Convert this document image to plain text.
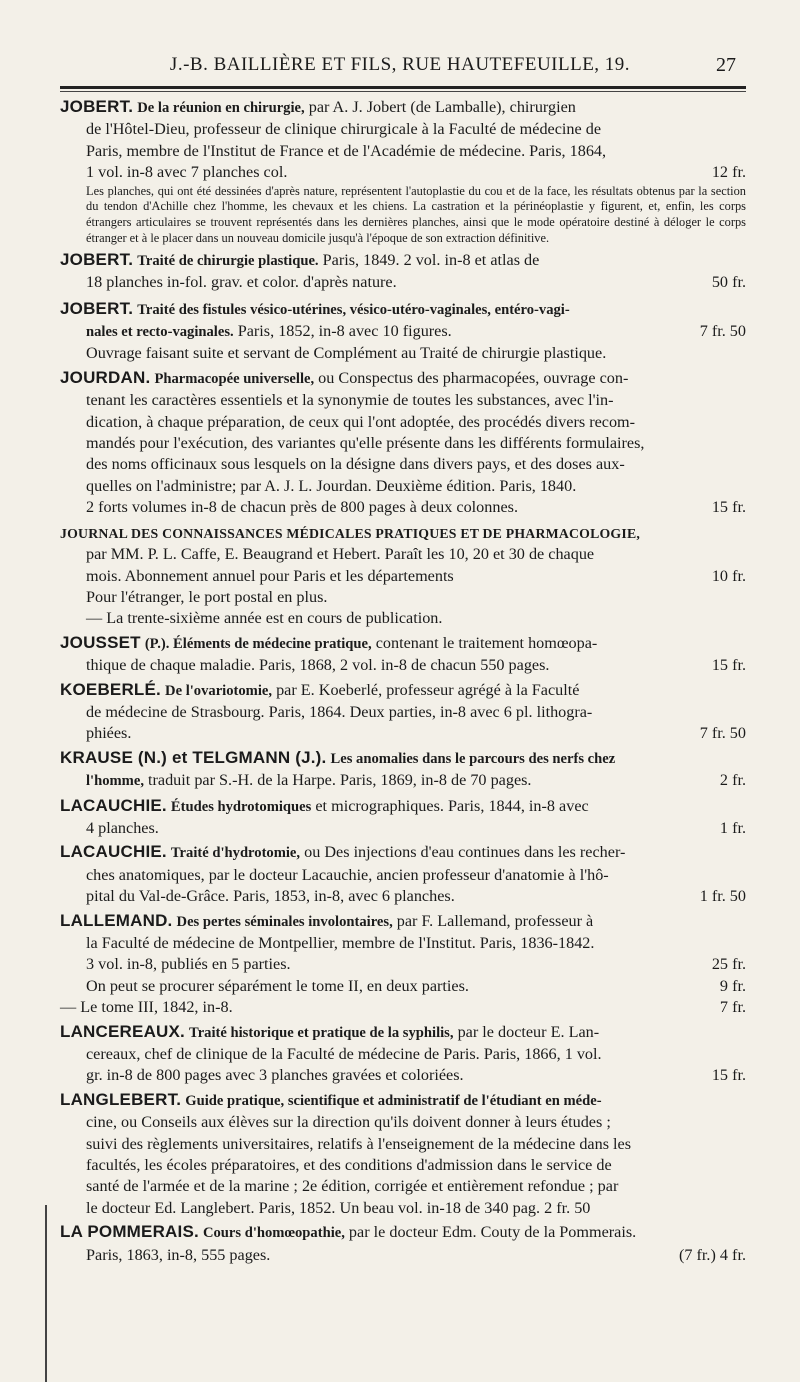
J.-B. BAILLIÈRE ET FILS, RUE HAUTEFEUILLE, 19.	27
JOBERT. De la réunion en chirurgie, par A. J. Jobert (de Lamballe), chirurgien
de l'Hôtel-Dieu, professeur de clinique chirurgicale à la Faculté de médecine de
Paris, membre de l'Institut de France et de l'Académie de médecine. Paris, 1864,
1 vol. in-8 avec 7 planches col.	12 fr.
Les planches, qui ont été dessinées d'après nature, représentent l'autoplastie du cou et de la face, les résultats obtenus par la section du tendon d'Achille chez l'homme, les chevaux et les chiens. La castration et la périnéoplastie y figurent, et, enfin, les corps étrangers articulaires se trouvent représentés dans les dernières planches, ainsi que le mode opératoire destiné à déloger le corps étranger et à le placer dans un nouveau domicile jusqu'à l'époque de son extraction définitive.
JOBERT. Traité de chirurgie plastique. Paris, 1849. 2 vol. in-8 et atlas de
18 planches in-fol. grav. et color. d'après nature.	50 fr.
JOBERT. Traité des fistules vésico-utérines, vésico-utéro-vaginales, entéro-vagi-
nales et recto-vaginales. Paris, 1852, in-8 avec 10 figures.	7 fr. 50
Ouvrage faisant suite et servant de Complément au Traité de chirurgie plastique.
JOURDAN. Pharmacopée universelle, ou Conspectus des pharmacopées, ouvrage con-
tenant les caractères essentiels et la synonymie de toutes les substances, avec l'in-
dication, à chaque préparation, de ceux qui l'ont adoptée, des procédés divers recom-
mandés pour l'exécution, des variantes qu'elle présente dans les différents formulaires,
des noms officinaux sous lesquels on la désigne dans divers pays, et des doses aux-
quelles on l'administre; par A. J. L. Jourdan. Deuxième édition. Paris, 1840.
2 forts volumes in-8 de chacun près de 800 pages à deux colonnes.	15 fr.
JOURNAL DES CONNAISSANCES MÉDICALES PRATIQUES ET DE PHARMACOLOGIE,
par MM. P. L. Caffe, E. Beaugrand et Hebert. Paraît les 10, 20 et 30 de chaque
mois. Abonnement annuel pour Paris et les départements	10 fr.
Pour l'étranger, le port postal en plus.
— La trente-sixième année est en cours de publication.
JOUSSET (P.). Éléments de médecine pratique, contenant le traitement homœopa-
thique de chaque maladie. Paris, 1868, 2 vol. in-8 de chacun 550 pages.	15 fr.
KOEBERLÉ. De l'ovariotomie, par E. Koeberlé, professeur agrégé à la Faculté
de médecine de Strasbourg. Paris, 1864. Deux parties, in-8 avec 6 pl. lithogra-
phiées.	7 fr. 50
KRAUSE (N.) et TELGMANN (J.). Les anomalies dans le parcours des nerfs chez
l'homme, traduit par S.-H. de la Harpe. Paris, 1869, in-8 de 70 pages.	2 fr.
LACAUCHIE. Études hydrotomiques et micrographiques. Paris, 1844, in-8 avec
4 planches.	1 fr.
LACAUCHIE. Traité d'hydrotomie, ou Des injections d'eau continues dans les recher-
ches anatomiques, par le docteur Lacauchie, ancien professeur d'anatomie à l'hô-
pital du Val-de-Grâce. Paris, 1853, in-8, avec 6 planches.	1 fr. 50
LALLEMAND. Des pertes séminales involontaires, par F. Lallemand, professeur à
la Faculté de médecine de Montpellier, membre de l'Institut. Paris, 1836-1842.
3 vol. in-8, publiés en 5 parties.	25 fr.
On peut se procurer séparément le tome II, en deux parties.	9 fr.
— Le tome III, 1842, in-8.	7 fr.
LANCEREAUX. Traité historique et pratique de la syphilis, par le docteur E. Lan-
cereaux, chef de clinique de la Faculté de médecine de Paris. Paris, 1866, 1 vol.
gr. in-8 de 800 pages avec 3 planches gravées et coloriées.	15 fr.
LANGLEBERT. Guide pratique, scientifique et administratif de l'étudiant en méde-
cine, ou Conseils aux élèves sur la direction qu'ils doivent donner à leurs études ;
suivi des règlements universitaires, relatifs à l'enseignement de la médecine dans les
facultés, les écoles préparatoires, et des conditions d'admission dans le service de
santé de l'armée et de la marine ; 2e édition, corrigée et entièrement refondue ; par
le docteur Ed. Langlebert. Paris, 1852. Un beau vol. in-18 de 340 pag. 2 fr. 50
LA POMMERAIS. Cours d'homœopathie, par le docteur Edm. Couty de la Pommerais.
Paris, 1863, in-8, 555 pages.	(7 fr.) 4 fr.
